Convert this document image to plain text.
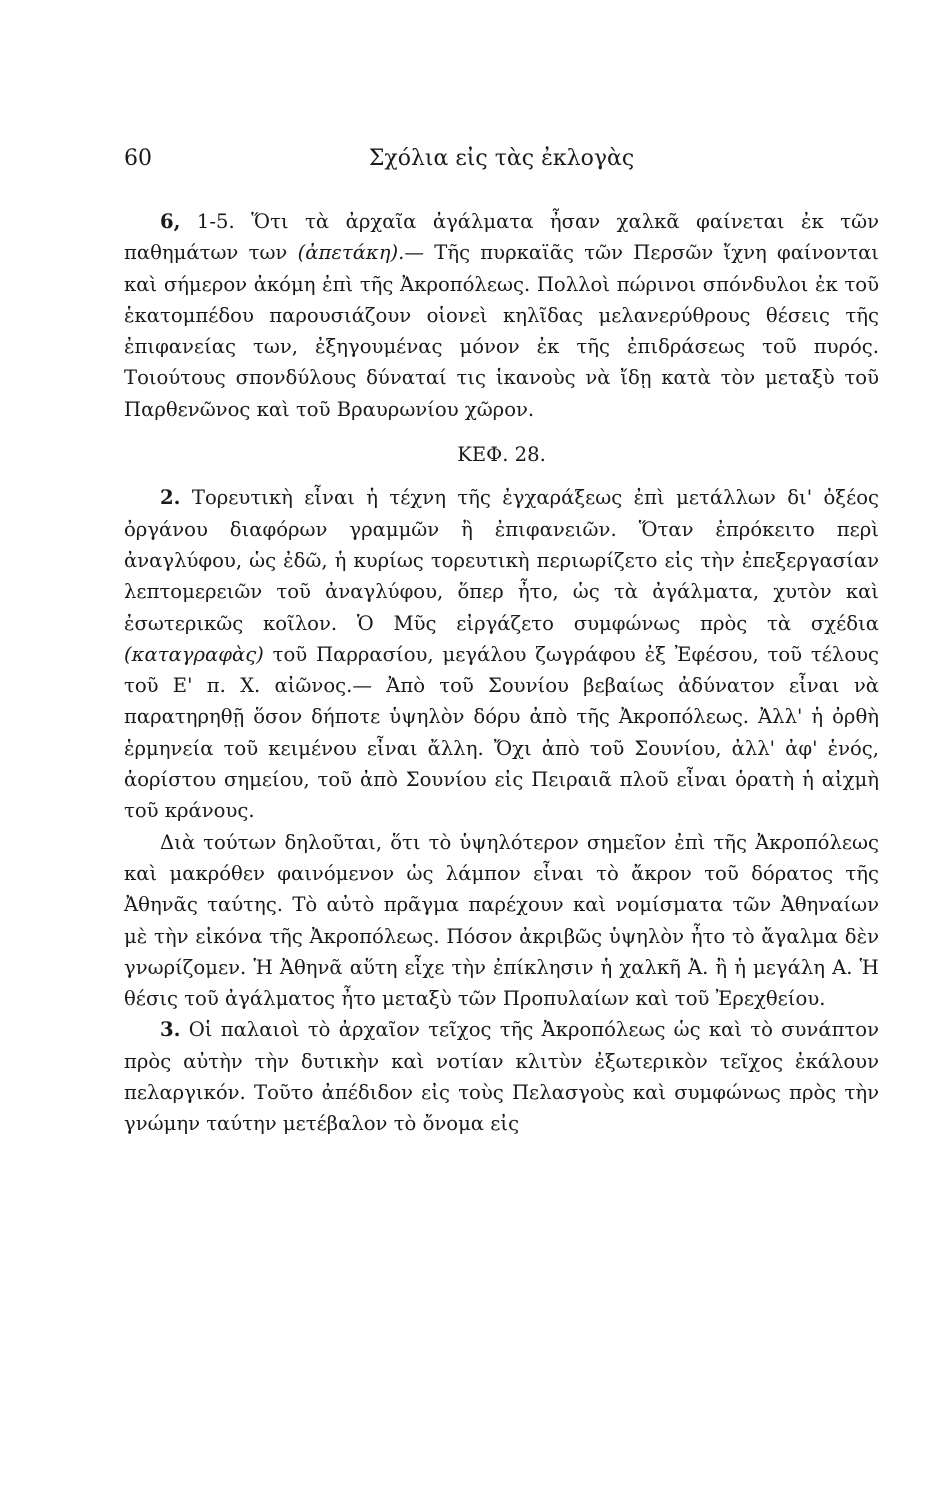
60	Σχόλια εἰς τὰς ἐκλογὰς

6, 1-5. Ὅτι τὰ ἀρχαῖα ἀγάλματα ἦσαν χαλκᾶ φαίνεται ἐκ τῶν παθημάτων των (ἀπετάκη).— Τῆς πυρκαϊᾶς τῶν Περσῶν ἴχνη φαίνονται καὶ σήμερον ἀκόμη ἐπὶ τῆς Ἀκροπόλεως. Πολλοὶ πώρινοι σπόνδυλοι ἐκ τοῦ ἑκατομπέδου παρουσιάζουν οἱονεὶ κηλῖδας μελανερύθρους θέσεις τῆς ἐπιφανείας των, ἐξηγουμένας μόνον ἐκ τῆς ἐπιδράσεως τοῦ πυρός. Τοιούτους σπονδύλους δύναταί τις ἱκανοὺς νὰ ἴδῃ κατὰ τὸν μεταξὺ τοῦ Παρθενῶνος καὶ τοῦ Βραυρωνίου χῶρον.

ΚΕΦ. 28.

2. Τορευτικὴ εἶναι ἡ τέχνη τῆς ἐγχαράξεως ἐπὶ μετάλλων δι' ὀξέος ὀργάνου διαφόρων γραμμῶν ἢ ἐπιφανειῶν. Ὅταν ἐπρόκειτο περὶ ἀναγλύφου, ὡς ἐδῶ, ἡ κυρίως τορευτικὴ περιωρίζετο εἰς τὴν ἐπεξεργασίαν λεπτομερειῶν τοῦ ἀναγλύφου, ὅπερ ἦτο, ὡς τὰ ἀγάλματα, χυτὸν καὶ ἐσωτερικῶς κοῖλον. Ὁ Μῦς εἰργάζετο συμφώνως πρὸς τὰ σχέδια (καταγραφὰς) τοῦ Παρρασίου, μεγάλου ζωγράφου ἐξ Ἐφέσου, τοῦ τέλους τοῦ Ε' π. Χ. αἰῶνος.— Ἀπὸ τοῦ Σουνίου βεβαίως ἀδύνατον εἶναι νὰ παρατηρηθῇ ὅσον δήποτε ὑψηλὸν δόρυ ἀπὸ τῆς Ἀκροπόλεως. Ἀλλ' ἡ ὀρθὴ ἑρμηνεία τοῦ κειμένου εἶναι ἄλλη. Ὄχι ἀπὸ τοῦ Σουνίου, ἀλλ' ἀφ' ἑνός, ἀορίστου σημείου, τοῦ ἀπὸ Σουνίου εἰς Πειραιᾶ πλοῦ εἶναι ὁρατὴ ἡ αἰχμὴ τοῦ κράνους.

Διὰ τούτων δηλοῦται, ὅτι τὸ ὑψηλότερον σημεῖον ἐπὶ τῆς Ἀκροπόλεως καὶ μακρόθεν φαινόμενον ὡς λάμπον εἶναι τὸ ἄκρον τοῦ δόρατος τῆς Ἀθηνᾶς ταύτης. Τὸ αὐτὸ πρᾶγμα παρέχουν καὶ νομίσματα τῶν Ἀθηναίων μὲ τὴν εἰκόνα τῆς Ἀκροπόλεως. Πόσον ἀκριβῶς ὑψηλὸν ἦτο τὸ ἄγαλμα δὲν γνωρίζομεν. Ἡ Ἀθηνᾶ αὕτη εἶχε τὴν ἐπίκλησιν ἡ χαλκῆ Ἀ. ἢ ἡ μεγάλη Α. Ἡ θέσις τοῦ ἀγάλματος ἦτο μεταξὺ τῶν Προπυλαίων καὶ τοῦ Ἐρεχθείου.

3. Οἱ παλαιοὶ τὸ ἀρχαῖον τεῖχος τῆς Ἀκροπόλεως ὡς καὶ τὸ συνάπτον πρὸς αὐτὴν τὴν δυτικὴν καὶ νοτίαν κλιτὺν ἐξωτερικὸν τεῖχος ἐκάλουν πελαργικόν. Τοῦτο ἀπέδιδον εἰς τοὺς Πελασγοὺς καὶ συμφώνως πρὸς τὴν γνώμην ταύτην μετέβαλον τὸ ὄνομα εἰς
